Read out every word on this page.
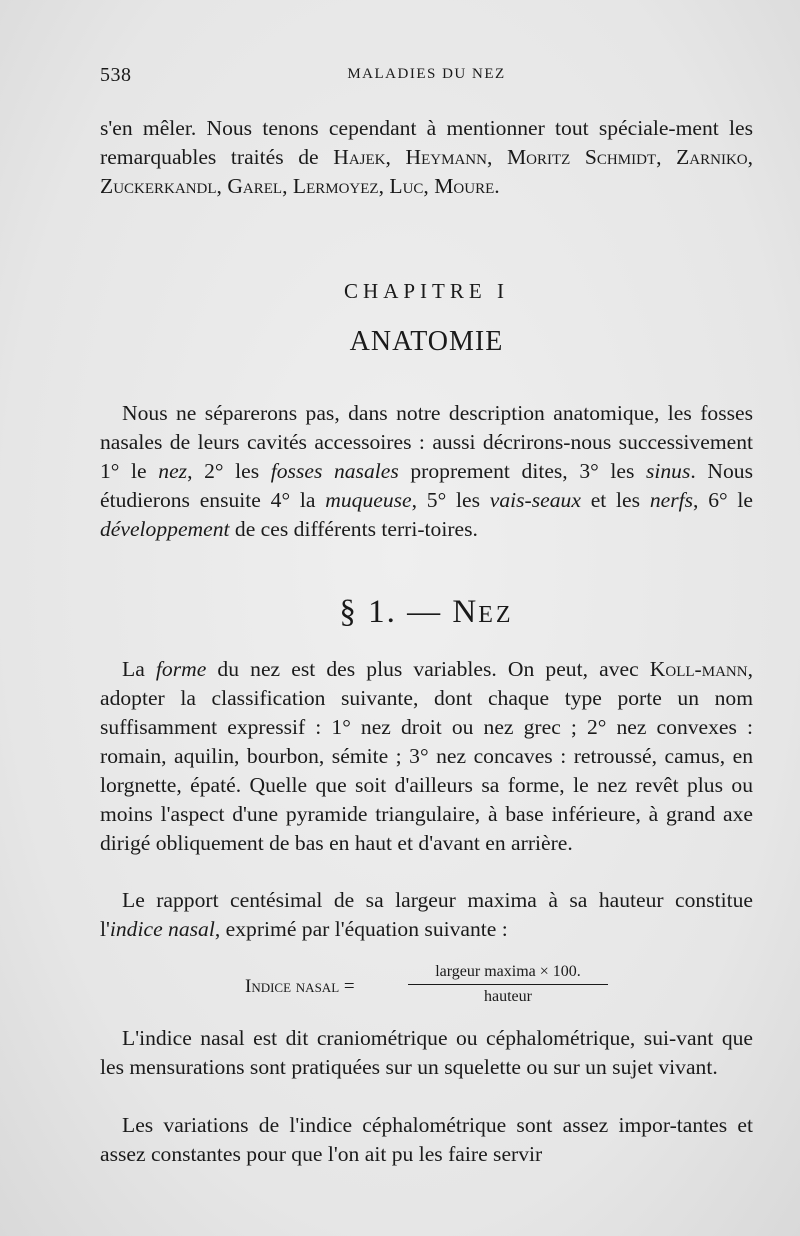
538	MALADIES DU NEZ

s'en mêler. Nous tenons cependant à mentionner tout spéciale-ment les remarquables traités de Hajek, Heymann, Moritz Schmidt, Zarniko, Zuckerkandl, Garel, Lermoyez, Luc, Moure.

CHAPITRE I
ANATOMIE

Nous ne séparerons pas, dans notre description anatomique, les fosses nasales de leurs cavités accessoires : aussi décrirons-nous successivement 1° le nez, 2° les fosses nasales proprement dites, 3° les sinus. Nous étudierons ensuite 4° la muqueuse, 5° les vais-seaux et les nerfs, 6° le développement de ces différents terri-toires.

§ 1. — NEZ

La forme du nez est des plus variables. On peut, avec Koll-mann, adopter la classification suivante, dont chaque type porte un nom suffisamment expressif : 1° nez droit ou nez grec ; 2° nez convexes : romain, aquilin, bourbon, sémite ; 3° nez concaves : retroussé, camus, en lorgnette, épaté. Quelle que soit d'ailleurs sa forme, le nez revêt plus ou moins l'aspect d'une pyramide triangulaire, à base inférieure, à grand axe dirigé obliquement de bas en haut et d'avant en arrière.

Le rapport centésimal de sa largeur maxima à sa hauteur constitue l'indice nasal, exprimé par l'équation suivante :

Indice nasal =
largeur maxima × 100.
hauteur

L'indice nasal est dit craniométrique ou céphalométrique, sui-vant que les mensurations sont pratiquées sur un squelette ou sur un sujet vivant.

Les variations de l'indice céphalométrique sont assez impor-tantes et assez constantes pour que l'on ait pu les faire servir
